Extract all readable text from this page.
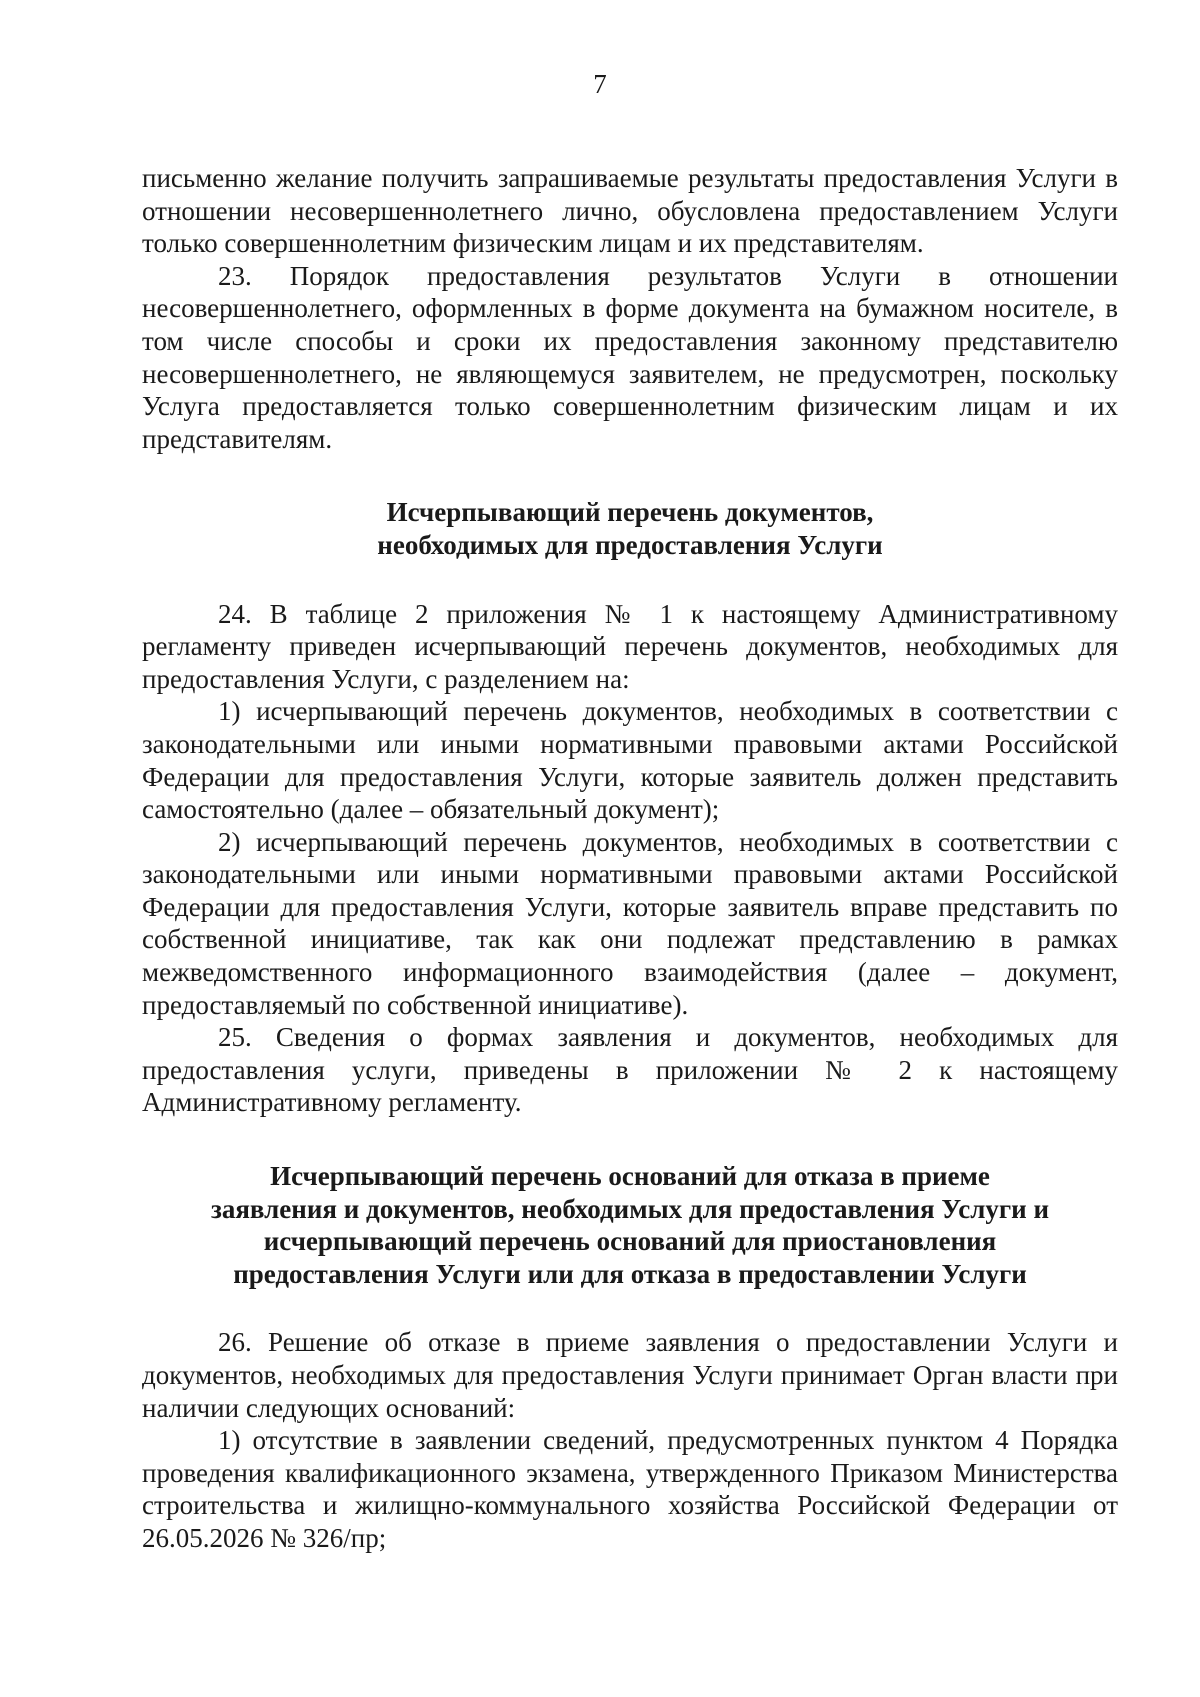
7

письменно желание получить запрашиваемые результаты предоставления Услуги в отношении несовершеннолетнего лично, обусловлена предоставлением Услуги только совершеннолетним физическим лицам и их представителям.

23. Порядок предоставления результатов Услуги в отношении несовершеннолетнего, оформленных в форме документа на бумажном носителе, в том числе способы и сроки их предоставления законному представителю несовершеннолетнего, не являющемуся заявителем, не предусмотрен, поскольку Услуга предоставляется только совершеннолетним физическим лицам и их представителям.

Исчерпывающий перечень документов,
необходимых для предоставления Услуги

24. В таблице 2 приложения № 1 к настоящему Административному регламенту приведен исчерпывающий перечень документов, необходимых для предоставления Услуги, с разделением на:

1) исчерпывающий перечень документов, необходимых в соответствии с законодательными или иными нормативными правовыми актами Российской Федерации для предоставления Услуги, которые заявитель должен представить самостоятельно (далее – обязательный документ);

2) исчерпывающий перечень документов, необходимых в соответствии с законодательными или иными нормативными правовыми актами Российской Федерации для предоставления Услуги, которые заявитель вправе представить по собственной инициативе, так как они подлежат представлению в рамках межведомственного информационного взаимодействия (далее – документ, предоставляемый по собственной инициативе).

25. Сведения о формах заявления и документов, необходимых для предоставления услуги, приведены в приложении № 2 к настоящему Административному регламенту.

Исчерпывающий перечень оснований для отказа в приеме
заявления и документов, необходимых для предоставления Услуги и
исчерпывающий перечень оснований для приостановления
предоставления Услуги или для отказа в предоставлении Услуги

26. Решение об отказе в приеме заявления о предоставлении Услуги и документов, необходимых для предоставления Услуги принимает Орган власти при наличии следующих оснований:

1) отсутствие в заявлении сведений, предусмотренных пунктом 4 Порядка проведения квалификационного экзамена, утвержденного Приказом Министерства строительства и жилищно-коммунального хозяйства Российской Федерации от 26.05.2026 № 326/пр;
